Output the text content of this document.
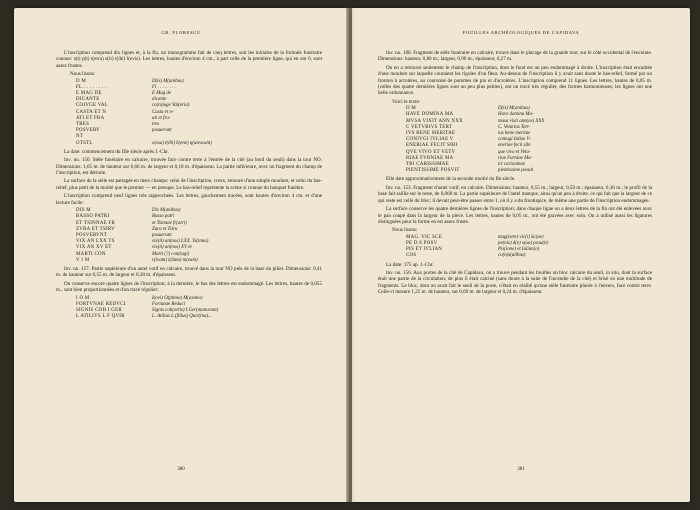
GR. FLORESCU

L'inscription comprend dix lignes et, à la fin, un monogramme fait de cinq lettres, soit les initiales de la formule funéraire connue: s(t) p(t) t(erra) s(it) t(ibi) l(evis). Les lettres, hautes d'environ 4 cm., à part celle de la première ligne, qui en ont 6, sont assez frustes.

Nous lisons:

D M	D(is) M(anibus)
FL . . . . . . . .	Fl . . . . . . . .
E MAG DE	E Mag de
DICANTE	dicante
COIVGE VAL	co(n)iuge Val(eria)
CASTA ET N	Casta et n-
ATI ET FRA	ati et fra-
TRES	tres
POSVERV	posuerunt
NT
OTSTL	o(ssa) t(ibi) b(ene) q(uiescant)

La date: commencement du IIIe siècle après J.-Chr.

Inv. no. 150. Stèle funéraire en calcaire, trouvée face contre terre à l'entrée de la cité (au bord du seuil) dans la tour NO. Dimensions: 1,65 m. de hauteur sur 0,66 m. de largeur et 0,18 m. d'épaisseur. La partie inférieure, avec un fragment du champ de l'inscription, est détruite.

La surface de la stèle est partagée en deux champs: celui de l'inscription, creux, entouré d'une simple moulure, et celui du bas-relief, plus petit de la moitié que le premier — en presque. Le bas-relief représente la scène si connue du banquet funèbre.

L'inscription comprend neuf lignes très rapprochées. Les lettres, gauchement tracées, sont hautes d'environ 4 cm. et d'une lecture facile:

DIS M	Dis M(anibus)
BASSO PATRI	Basso patri
ET TSINNAE FR	et Tsinnae fr(atri)
ZVRA ET TSIRV	Zura et Tsiru
POSVERVNT	posuerunt
VIX AN LXX TS	vix(it) an(nos) LXX. Ts(inna)
VIX AN XV ET	vix(it) an(nos) XV et
MARTI CON	Marti (?) con(iugi)
V I M	v(ivam) i(llam) m(eam)

Inv. no. 157. Partie supérieure d'un autel votif en calcaire, trouvé dans la tour NO près de la base du pilier. Dimensions: 0,41 m. de hauteur sur 0,55 m. de largeur et 0,38 m. d'épaisseur.

On conserve encore quatre lignes de l'inscription; à la dernière, le bas des lettres est endommagé. Les lettres, hautes de 0,055 m., sont bien proportionnées et d'un tracé régulier:

I O M	I(ovi) O(ptimo) M(aximo)
FORTVNAE REDVCI	Fortunae Reduci
SIGNIS COH I GER	Signis coh(ortis) I Ger(manorum)
L ATILIVS L F QVIR	L. Atilius L.(filius) Quir(ina)...
380
FOUILLES ARCHÉOLOGIQUES DE CAPIDAVA

Inv. no. 180. Fragment de stèle funéraire en calcaire, trouvé dans le placage de la grande tour, sur le côté occidental de l'enceinte. Dimensions: hauteur, 0,80 m.; largeur, 0,90 m.; épaisseur, 0,27 m.

On en a retrouvé seulement le champ de l'inscription, dont le fond est un peu endommagé à droite. L'inscription était encadrée d'une moulure sur laquelle couraient les rigoles d'un fleur. Au-dessus de l'inscription il y avait sans doute le bas-relief, formé par un fronton à acrotères, au couronné de pommes de pin et d'acrotères. L'inscription comprend 11 lignes. Les lettres, hautes de 0,05 m. (celles des quatre dernières lignes sont un peu plus petites), ont un tracé très régulier, des formes harmonieuses; les lignes ont une belle ordonnance.

Voici le texte:

D M	D(is) M(anibus)
HAVE DOMINA MA	Have domina Ma-
MVSA VIXIT ANN XXX	musa vixit ann(os) XXX
C VETVRIVS TERT	C. Veturius Tert-
IVS BENE MERITAE	ius bene meritae
CONIVGI IVLIAE V	coniugi Iuliae V-
ENERIAE FECIT SIBI	eneriae fecit sibi
QVE VIVO ET VETV	que vivo et Vetu-
RIAE FVRNIAE MA	riae Furniae Ma-
TRI CARISSIMAE	tri carissimae
PIENTISSIME POSVIT	pientissime posuit

Elle date approximativement de la seconde moitié du IIe siècle.

Inv. no. 153. Fragment d'autel votif, en calcaire. Dimensions: hauteur, 0,55 m.; largeur, 0,50 m.; épaisseur, 0,30 m.; le profil de la base fait saillie sur le reste, de 0,068 m. La partie supérieure de l'autel manque, ainsi qu'un peu à droite, ce qui fait que la largeur de ce qui reste est celle du bloc; il devait peut-être passer entre 1, où il y a du frontispice, de même une partie de l'inscription endommagée.

La surface conserve les quatre dernières lignes de l'inscription; dans chaque ligne on a deux lettres de la fin ont été enlevées avec le pan coupé dans la largeur de la pièce. Les lettres, hautes de 0,05 m., ont été gravées avec soin. On a utilisé aussi les ligatures distinguées pour la forme en est assez fruste.

Nous lisons:

MAG. VIC SCE	mag(istre) vic(i) Sc(ae)
PE D S POSV	pe(nis) d(e) s(uo) posu(it)
PIS ET IVLIAN	Pis(ione) et Iulian(o)
COS	co(n)s(ulibus)

La date: 175 ap. J.-Chr.

Inv. no. 156. Aux portes de la cité de Capidava, on a trouvé pendant les fouilles un bloc calcaire du seuil, in situ, dont la surface était une partie de la circulation; de plus il était calciné (sans doute à la suite de l'incendie de la cité) et brisé en une multitude de fragments. Le bloc, dont on avait fait le seuil de la porte, n'était en réalité qu'une stèle funéraire placée à l'envers, face contre terre. Celle-ci mesure 1,25 m. de hauteur, sur 0,60 m. de largeur et 0,24 m. d'épaisseur.

381
